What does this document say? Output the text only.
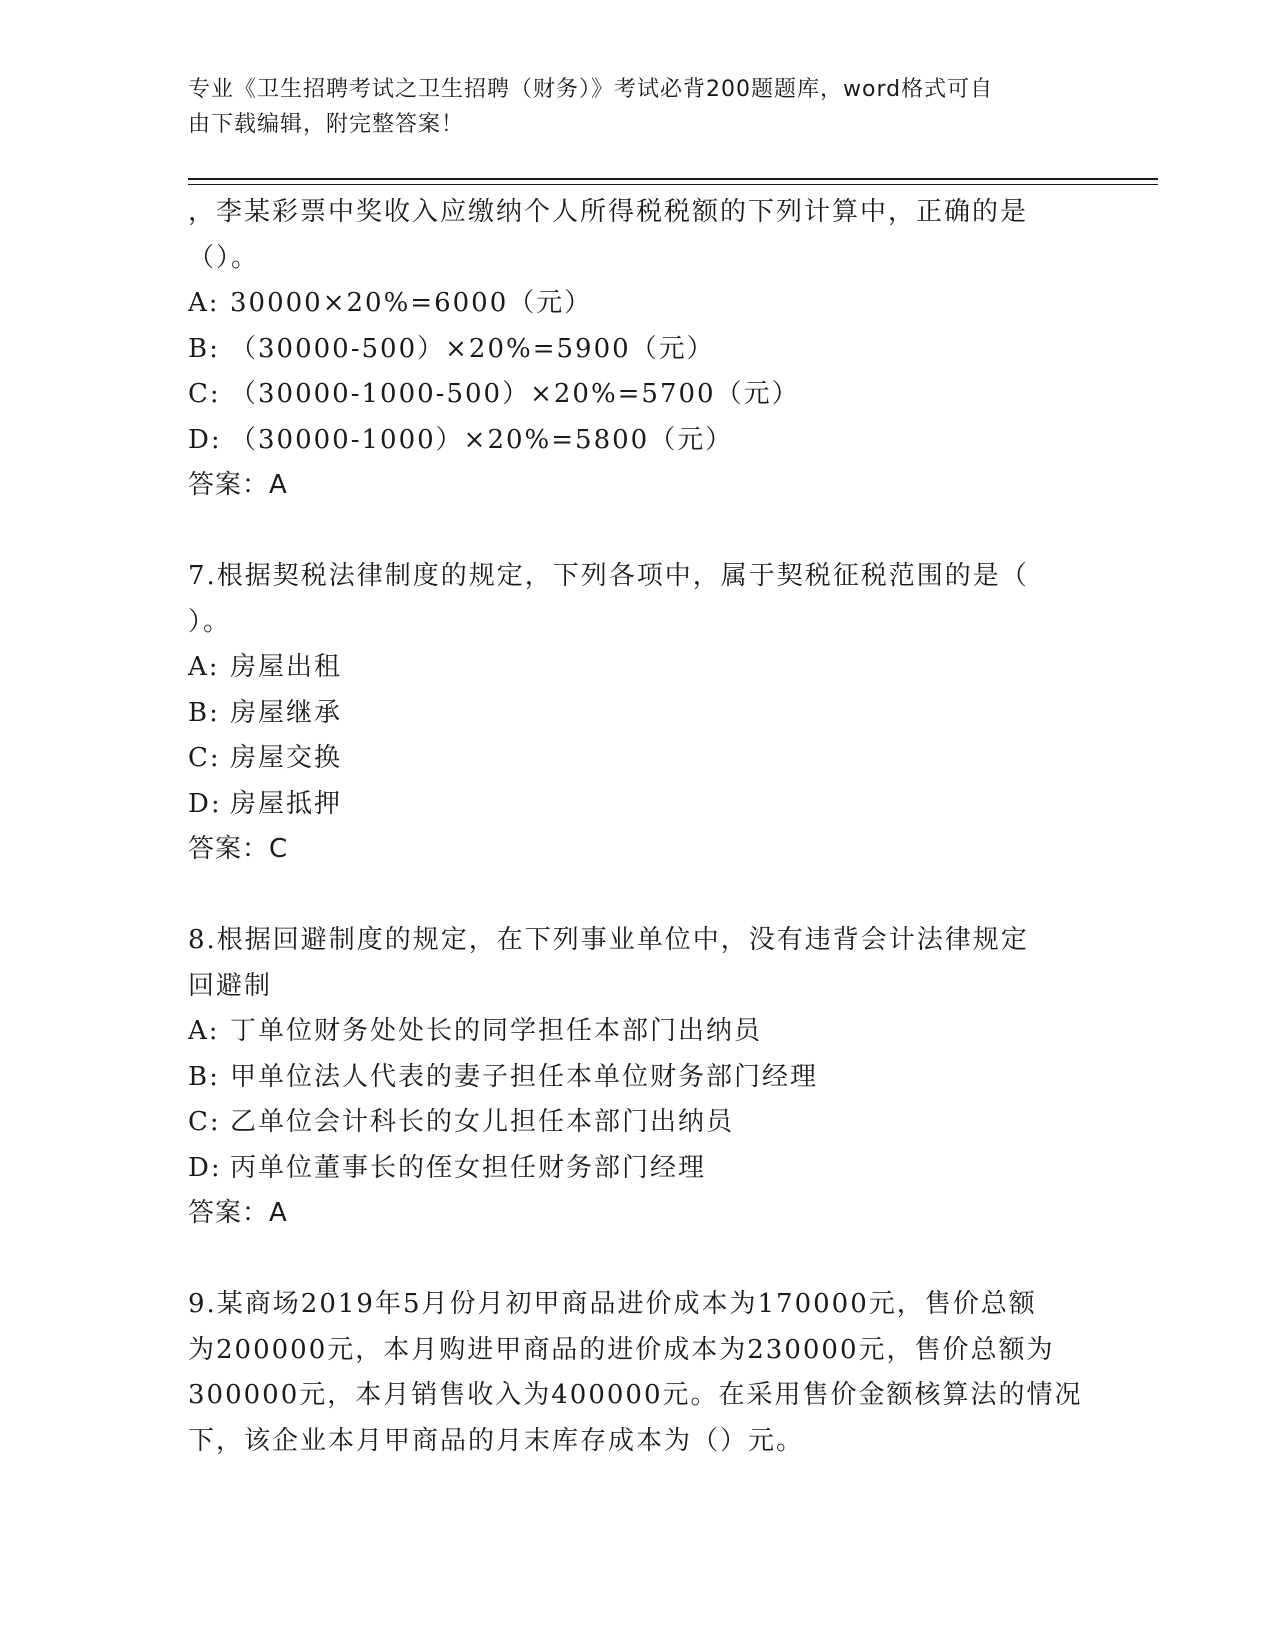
专业《卫生招聘考试之卫生招聘（财务）》考试必背200题题库，word格式可自
由下载编辑，附完整答案！
，李某彩票中奖收入应缴纳个人所得税税额的下列计算中，正确的是
（）。
A: 30000×20%=6000（元）
B: （30000-500）×20%=5900（元）
C: （30000-1000-500）×20%=5700（元）
D: （30000-1000）×20%=5800（元）
答案：A
7.根据契税法律制度的规定，下列各项中，属于契税征税范围的是（
）。
A: 房屋出租
B: 房屋继承
C: 房屋交换
D: 房屋抵押
答案：C
8.根据回避制度的规定，在下列事业单位中，没有违背会计法律规定
回避制
A: 丁单位财务处处长的同学担任本部门出纳员
B: 甲单位法人代表的妻子担任本单位财务部门经理
C: 乙单位会计科长的女儿担任本部门出纳员
D: 丙单位董事长的侄女担任财务部门经理
答案：A
9.某商场2019年5月份月初甲商品进价成本为170000元，售价总额
为200000元，本月购进甲商品的进价成本为230000元，售价总额为
300000元，本月销售收入为400000元。在采用售价金额核算法的情况
下，该企业本月甲商品的月末库存成本为（）元。
